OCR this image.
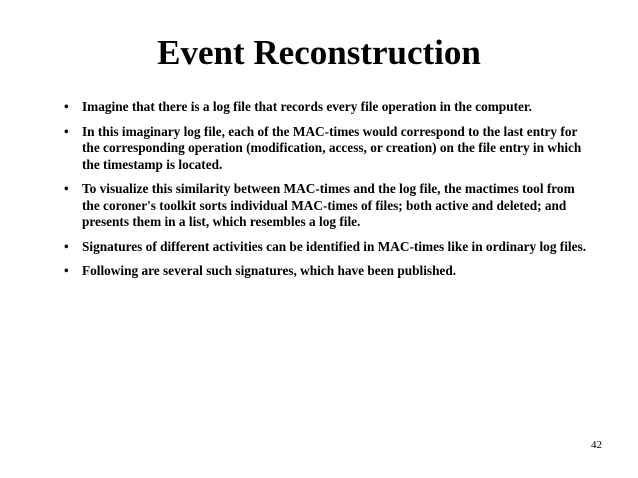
Event Reconstruction
• Imagine that there is a log file that records every file operation in the computer.
• In this imaginary log file, each of the MAC-times would correspond to the last entry for the corresponding operation (modification, access, or creation) on the file entry in which the timestamp is located.
• To visualize this similarity between MAC-times and the log file, the mactimes tool from the coroner's toolkit sorts individual MAC-times of files; both active and deleted; and presents them in a list, which resembles a log file.
• Signatures of different activities can be identified in MAC-times like in ordinary log files.
• Following are several such signatures, which have been published.
42
